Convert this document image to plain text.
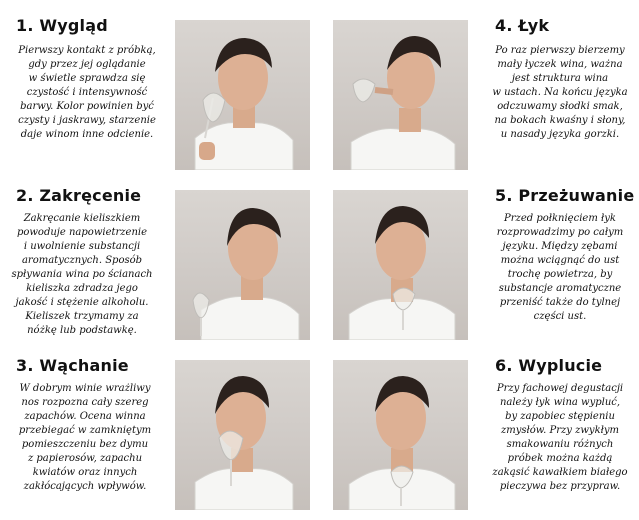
1. Wygląd
Pierwszy kontakt z próbką,
gdy przez jej oglądanie
w świetle sprawdza się
czystość i intensywność
barwy. Kolor powinien być
czysty i jaskrawy, starzenie
daje winom inne odcienie.
2. Zakręcenie
Zakręcanie kieliszkiem
powoduje napowietrzenie
i uwolnienie substancji
aromatycznych. Sposób
spływania wina po ścianach
kieliszka zdradza jego
jakość i stężenie alkoholu.
Kieliszek trzymamy za
nóżkę lub podstawkę.
3. Wąchanie
W dobrym winie wrażliwy
nos rozpozna cały szereg
zapachów. Ocena winna
przebiegać w zamkniętym
pomieszczeniu bez dymu
z papierosów, zapachu
kwiatów oraz innych
zakłócających wpływów.
4. Łyk
Po raz pierwszy bierzemy
mały łyczek wina, ważna
jest struktura wina
w ustach. Na końcu języka
odczuwamy słodki smak,
na bokach kwaśny i słony,
u nasady języka gorzki.
5. Przeżuwanie
Przed połknięciem łyk
rozprowadzimy po całym
języku. Między zębami
można wciągnąć do ust
trochę powietrza, by
substancje aromatyczne
przeniść także do tylnej
części ust.
6. Wyplucie
Przy fachowej degustacji
należy łyk wina wypluć,
by zapobiec stępieniu
zmysłów. Przy zwykłym
smakowaniu różnych
próbek można każdą
zakąsić kawałkiem białego
pieczywa bez przypraw.
